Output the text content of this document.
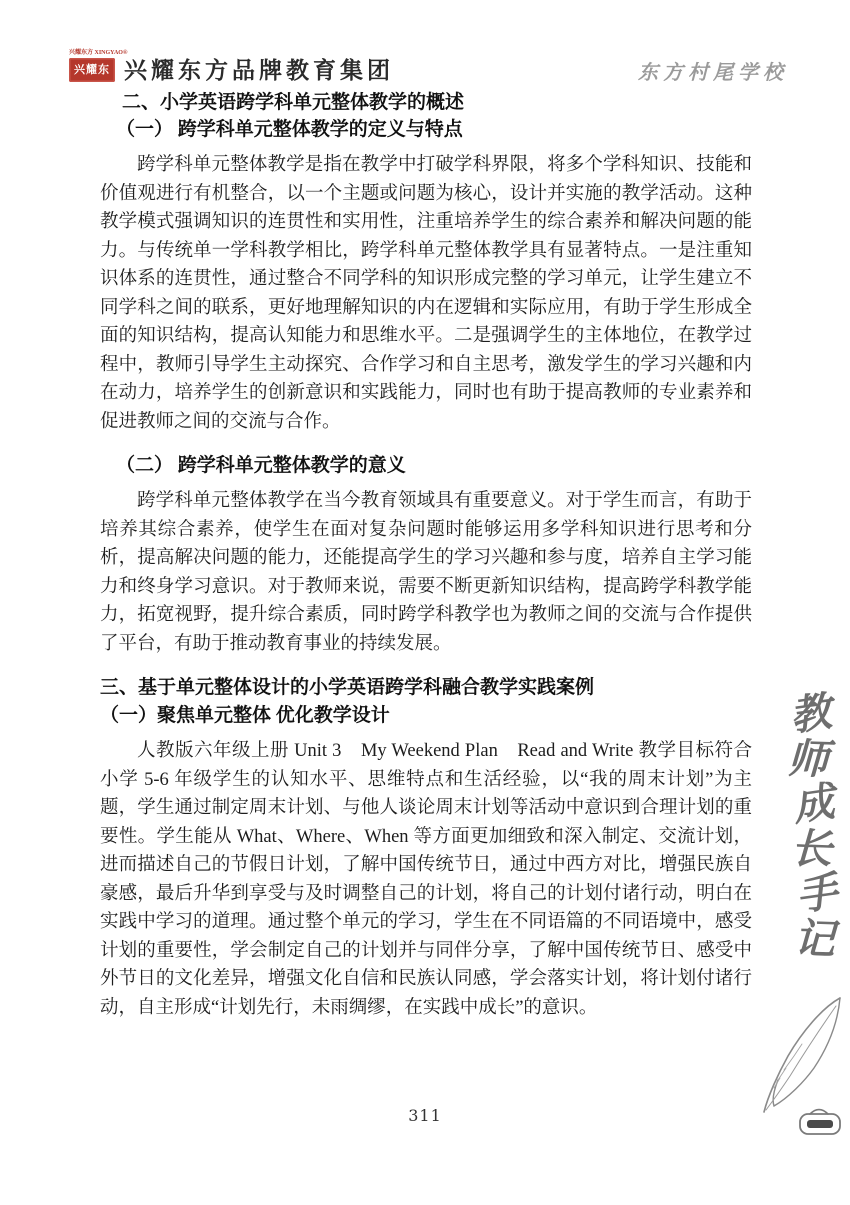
兴耀东方 XINGYAO®
兴耀东方
兴耀东方品牌教育集团	东方村尾学校
二、小学英语跨学科单元整体教学的概述
（一） 跨学科单元整体教学的定义与特点

跨学科单元整体教学是指在教学中打破学科界限，将多个学科知识、技能和价值观进行有机整合，以一个主题或问题为核心，设计并实施的教学活动。这种教学模式强调知识的连贯性和实用性，注重培养学生的综合素养和解决问题的能力。与传统单一学科教学相比，跨学科单元整体教学具有显著特点。一是注重知识体系的连贯性，通过整合不同学科的知识形成完整的学习单元，让学生建立不同学科之间的联系，更好地理解知识的内在逻辑和实际应用，有助于学生形成全面的知识结构，提高认知能力和思维水平。二是强调学生的主体地位，在教学过程中，教师引导学生主动探究、合作学习和自主思考，激发学生的学习兴趣和内在动力，培养学生的创新意识和实践能力，同时也有助于提高教师的专业素养和促进教师之间的交流与合作。

（二） 跨学科单元整体教学的意义

跨学科单元整体教学在当今教育领域具有重要意义。对于学生而言，有助于培养其综合素养，使学生在面对复杂问题时能够运用多学科知识进行思考和分析，提高解决问题的能力，还能提高学生的学习兴趣和参与度，培养自主学习能力和终身学习意识。对于教师来说，需要不断更新知识结构，提高跨学科教学能力，拓宽视野，提升综合素质，同时跨学科教学也为教师之间的交流与合作提供了平台，有助于推动教育事业的持续发展。

三、基于单元整体设计的小学英语跨学科融合教学实践案例
（一）聚焦单元整体 优化教学设计

人教版六年级上册 Unit 3　My Weekend Plan　Read and Write 教学目标符合小学 5-6 年级学生的认知水平、思维特点和生活经验，以“我的周末计划”为主题，学生通过制定周末计划、与他人谈论周末计划等活动中意识到合理计划的重要性。学生能从 What、Where、When 等方面更加细致和深入制定、交流计划，进而描述自己的节假日计划，了解中国传统节日，通过中西方对比，增强民族自豪感，最后升华到享受与及时调整自己的计划，将自己的计划付诸行动，明白在实践中学习的道理。通过整个单元的学习，学生在不同语篇的不同语境中，感受计划的重要性，学会制定自己的计划并与同伴分享，了解中国传统节日、感受中外节日的文化差异，增强文化自信和民族认同感，学会落实计划，将计划付诸行动，自主形成“计划先行，未雨绸缪，在实践中成长”的意识。

教
师
成
长
手
记
311
